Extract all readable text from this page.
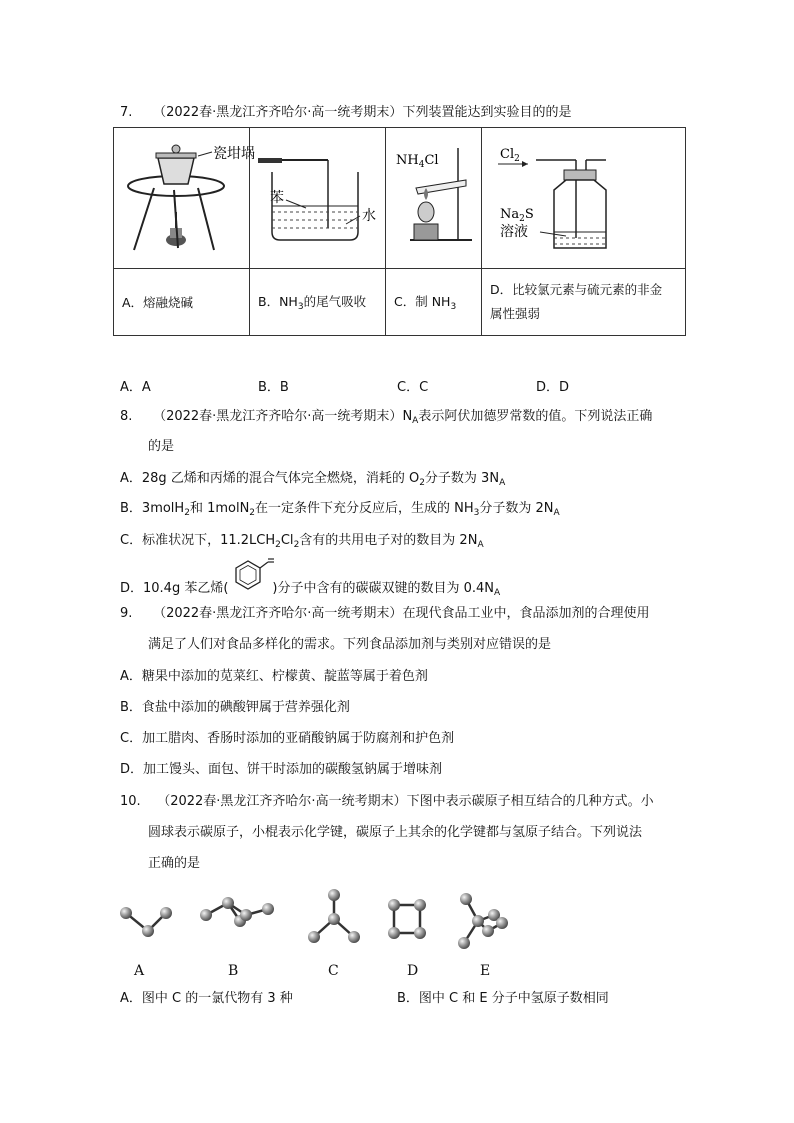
7. （2022春·黑龙江齐齐哈尔·高一统考期末）下列装置能达到实验目的的是
瓷坩埚	苯
水	$NH_4Cl$	$Cl_2$
$Na_2S$
溶液

A．熔融烧碱	B．$NH_3$的尾气吸收	C．制 $NH_3$	D．比较氯元素与硫元素的非金
属性强弱
A．A	B．B	C．C	D．D
8. （2022春·黑龙江齐齐哈尔·高一统考期末）$N_A$表示阿伏加德罗常数的值。下列说法正确
的是
A．28g 乙烯和丙烯的混合气体完全燃烧，消耗的 $O_2$分子数为 $3N_A$
B．3molH$_2$和 1molN$_2$在一定条件下充分反应后，生成的 $NH_3$分子数为 $2N_A$
C．标准状况下，$11.2LCH_2Cl_2$含有的共用电子对的数目为 $2N_A$
D．10.4g 苯乙烯(	)分子中含有的碳碳双键的数目为 $0.4N_A$
9. （2022春·黑龙江齐齐哈尔·高一统考期末）在现代食品工业中，食品添加剂的合理使用
满足了人们对食品多样化的需求。下列食品添加剂与类别对应错误的是
A．糖果中添加的苋菜红、柠檬黄、靛蓝等属于着色剂
B．食盐中添加的碘酸钾属于营养强化剂
C．加工腊肉、香肠时添加的亚硝酸钠属于防腐剂和护色剂
D．加工馒头、面包、饼干时添加的碳酸氢钠属于增味剂
10. （2022春·黑龙江齐齐哈尔·高一统考期末）下图中表示碳原子相互结合的几种方式。小
圆球表示碳原子，小棍表示化学键，碳原子上其余的化学键都与氢原子结合。下列说法
正确的是
A	B	C	D	E
A．图中 C 的一氯代物有 3 种	B．图中 C 和 E 分子中氢原子数相同
